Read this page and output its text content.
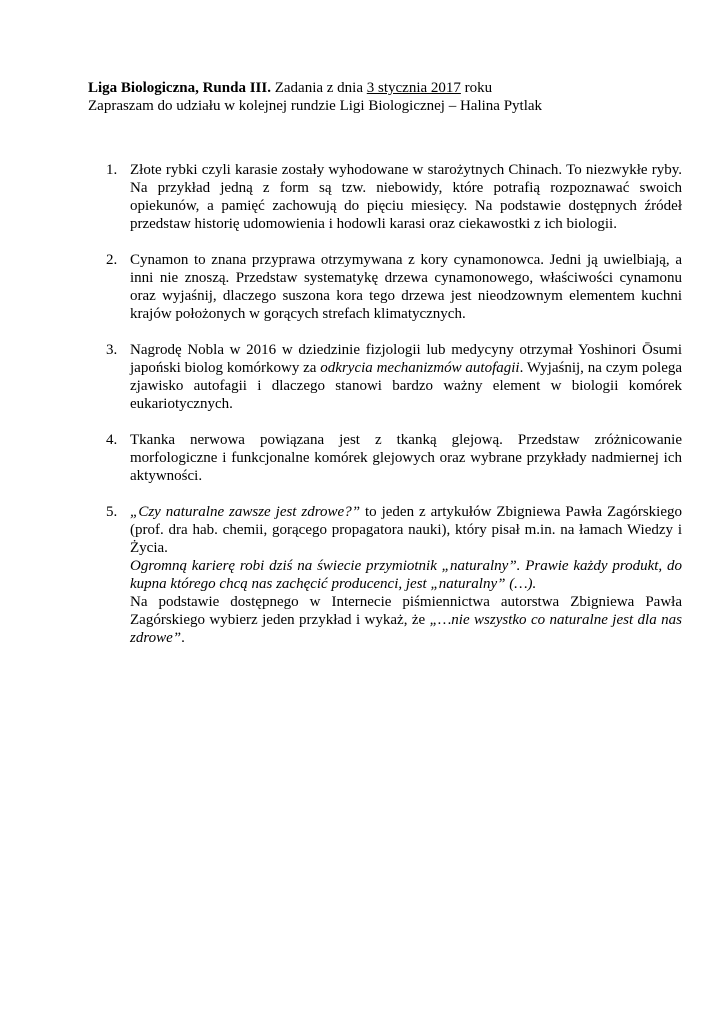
Liga Biologiczna, Runda III. Zadania z dnia 3 stycznia 2017 roku

Zapraszam do udziału w kolejnej rundzie Ligi Biologicznej – Halina Pytlak

1. Złote rybki czyli karasie zostały wyhodowane w starożytnych Chinach. To niezwykłe ryby. Na przykład jedną z form są tzw. niebowidy, które potrafią rozpoznawać swoich opiekunów, a pamięć zachowują do pięciu miesięcy. Na podstawie dostępnych źródeł przedstaw historię udomowienia i hodowli karasi oraz ciekawostki z ich biologii.

2. Cynamon to znana przyprawa otrzymywana z kory cynamonowca. Jedni ją uwielbiają, a inni nie znoszą. Przedstaw systematykę drzewa cynamonowego, właściwości cynamonu oraz wyjaśnij, dlaczego suszona kora tego drzewa jest nieodzownym elementem kuchni krajów położonych w gorących strefach klimatycznych.

3. Nagrodę Nobla w 2016 w dziedzinie fizjologii lub medycyny otrzymał Yoshinori Ōsumi japoński biolog komórkowy za odkrycia mechanizmów autofagii. Wyjaśnij, na czym polega zjawisko autofagii i dlaczego stanowi bardzo ważny element w biologii komórek eukariotycznych.

4. Tkanka nerwowa powiązana jest z tkanką glejową. Przedstaw zróżnicowanie morfologiczne i funkcjonalne komórek glejowych oraz wybrane przykłady nadmiernej ich aktywności.

5. „Czy naturalne zawsze jest zdrowe?” to jeden z artykułów Zbigniewa Pawła Zagórskiego (prof. dra hab. chemii, gorącego propagatora nauki), który pisał m.in. na łamach Wiedzy i Życia.

Ogromną karierę robi dziś na świecie przymiotnik „naturalny”. Prawie każdy produkt, do kupna którego chcą nas zachęcić producenci, jest „naturalny” (…).

Na podstawie dostępnego w Internecie piśmiennictwa autorstwa Zbigniewa Pawła Zagórskiego wybierz jeden przykład i wykaż, że „…nie wszystko co naturalne jest dla nas zdrowe”.
